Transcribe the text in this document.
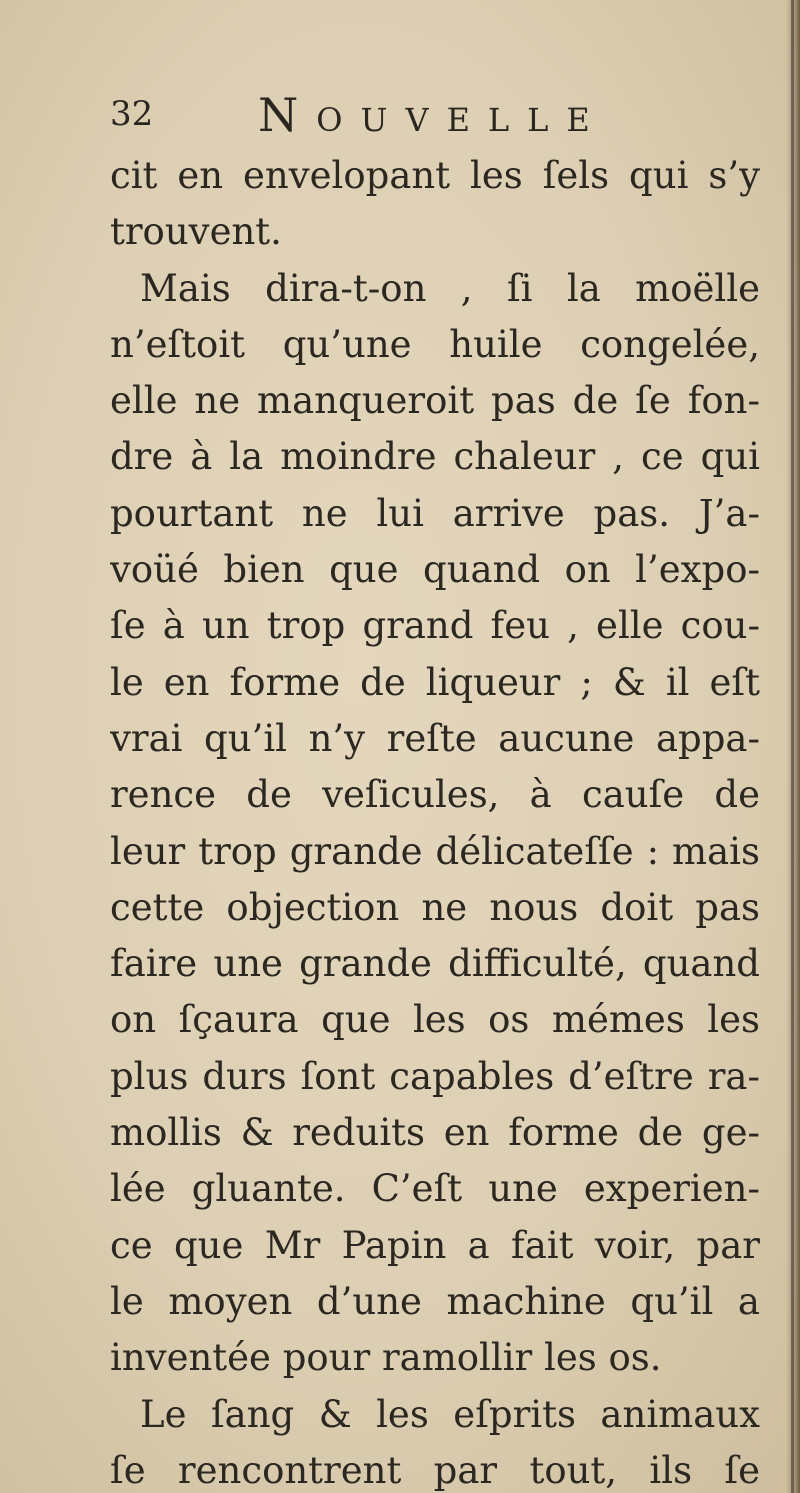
32 Nouvelle
cit en envelopant les ſels qui s’y
trouvent.
Mais dira-t-on , ſi la moëlle
n’eſtoit qu’une huile congelée,
elle ne manqueroit pas de ſe fon-
dre à la moindre chaleur , ce qui
pourtant ne lui arrive pas. J’a-
voüé bien que quand on l’expo-
ſe à un trop grand feu , elle cou-
le en forme de liqueur ; & il eſt
vrai qu’il n’y reſte aucune appa-
rence de veſicules, à cauſe de
leur trop grande délicateſſe : mais
cette objection ne nous doit pas
faire une grande difficulté, quand
on ſçaura que les os mémes les
plus durs ſont capables d’eſtre ra-
mollis & reduits en forme de ge-
lée gluante. C’eſt une experien-
ce que Mr Papin a fait voir, par
le moyen d’une machine qu’il a
inventée pour ramollir les os.
Le ſang & les eſprits animaux
ſe rencontrent par tout, ils ſe
